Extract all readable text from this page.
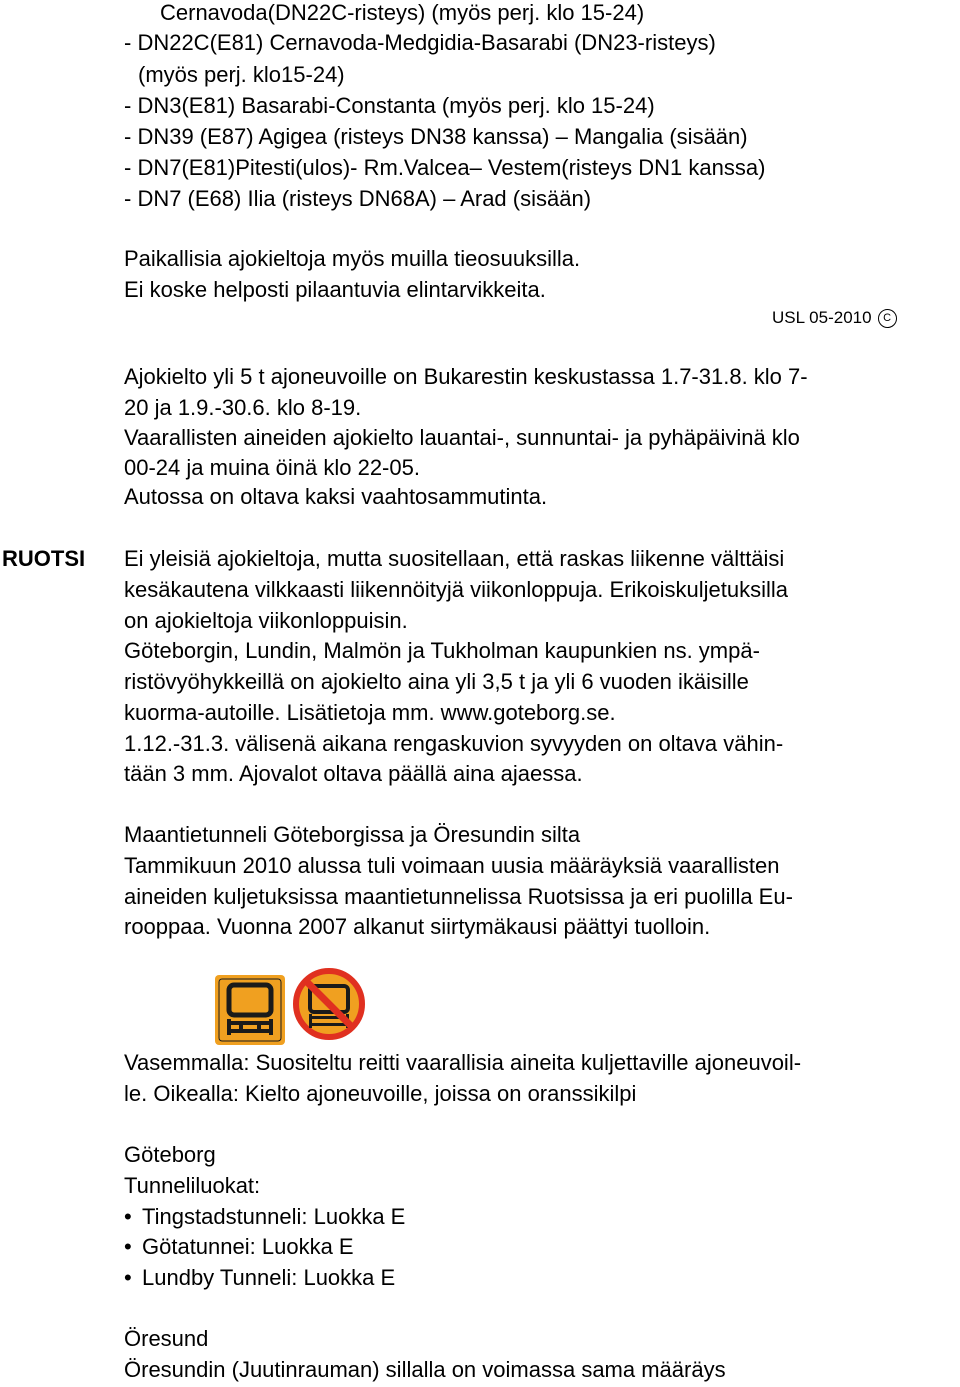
Cernavoda(DN22C-risteys) (myös perj. klo 15-24)
- DN22C(E81) Cernavoda-Medgidia-Basarabi (DN23-risteys)
(myös perj. klo15-24)
- DN3(E81) Basarabi-Constanta (myös perj. klo 15-24)
- DN39 (E87) Agigea (risteys DN38 kanssa) – Mangalia (sisään)
- DN7(E81)Pitesti(ulos)- Rm.Valcea– Vestem(risteys DN1 kanssa)
- DN7 (E68) Ilia (risteys DN68A) – Arad (sisään)
Paikallisia ajokieltoja myös muilla tieosuuksilla.
Ei koske helposti pilaantuvia elintarvikkeita.
USL 05-2010 C
Ajokielto yli 5 t ajoneuvoille on Bukarestin keskustassa 1.7-31.8. klo 7-
20 ja 1.9.-30.6. klo 8-19.
Vaarallisten aineiden ajokielto lauantai-, sunnuntai- ja pyhäpäivinä klo
00-24 ja muina öinä klo 22-05.
Autossa on oltava kaksi vaahtosammutinta.
RUOTSI Ei yleisiä ajokieltoja, mutta suositellaan, että raskas liikenne välttäisi
kesäkautena vilkkaasti liikennöityjä viikonloppuja. Erikoiskuljetuksilla
on ajokieltoja viikonloppuisin.
Göteborgin, Lundin, Malmön ja Tukholman kaupunkien ns. ympä-
ristövyöhykkeillä on ajokielto aina yli 3,5 t ja yli 6 vuoden ikäisille
kuorma-autoille. Lisätietoja mm. www.goteborg.se.
1.12.-31.3. välisenä aikana rengaskuvion syvyyden on oltava vähin-
tään 3 mm. Ajovalot oltava päällä aina ajaessa.
Maantietunneli Göteborgissa ja Öresundin silta
Tammikuun 2010 alussa tuli voimaan uusia määräyksiä vaarallisten
aineiden kuljetuksissa maantietunnelissa Ruotsissa ja eri puolilla Eu-
rooppaa. Vuonna 2007 alkanut siirtymäkausi päättyi tuolloin.
Vasemmalla: Suositeltu reitti vaarallisia aineita kuljettaville ajoneuvoil-
le. Oikealla: Kielto ajoneuvoille, joissa on oranssikilpi
Göteborg
Tunneliluokat:
• Tingstadstunneli: Luokka E
• Götatunnei: Luokka E
• Lundby Tunneli: Luokka E
Öresund
Öresundin (Juutinrauman) sillalla on voimassa sama määräys
